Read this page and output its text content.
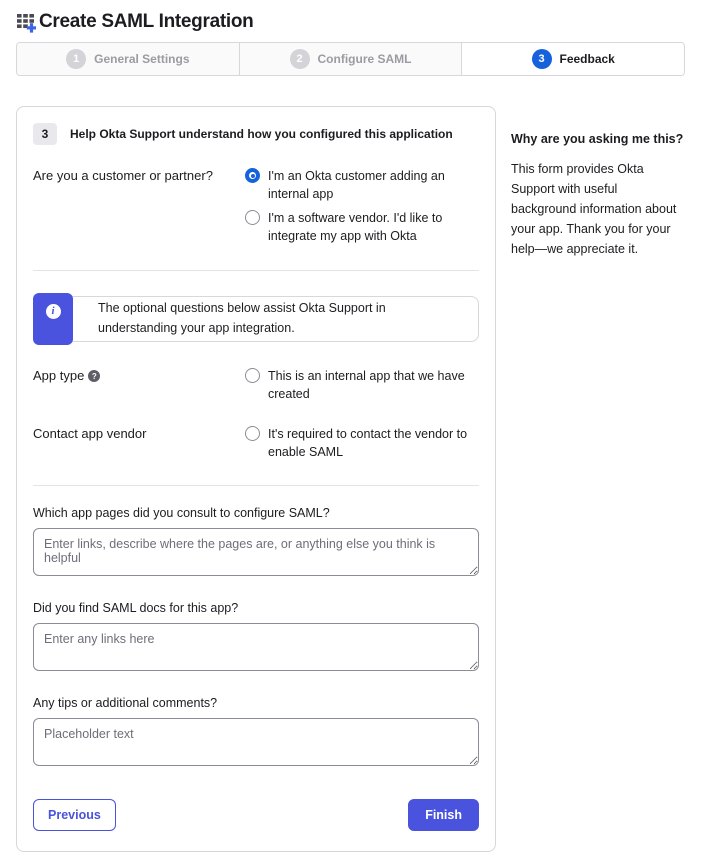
Create SAML Integration
1	General Settings	2	Configure SAML	3	Feedback
3	Help Okta Support understand how you configured this application
Are you a customer or partner?	I'm an Okta customer adding an internal app
I'm a software vendor. I'd like to integrate my app with Okta
i	The optional questions below assist Okta Support in understanding your app integration.
App type ?	This is an internal app that we have created
Contact app vendor	It's required to contact the vendor to enable SAML
Which app pages did you consult to configure SAML?
Enter links, describe where the pages are, or anything else you think is helpful
Did you find SAML docs for this app?
Enter any links here
Any tips or additional comments?
Placeholder text
Previous	Finish
Why are you asking me this?
This form provides Okta Support with useful background information about your app. Thank you for your help—we appreciate it.
